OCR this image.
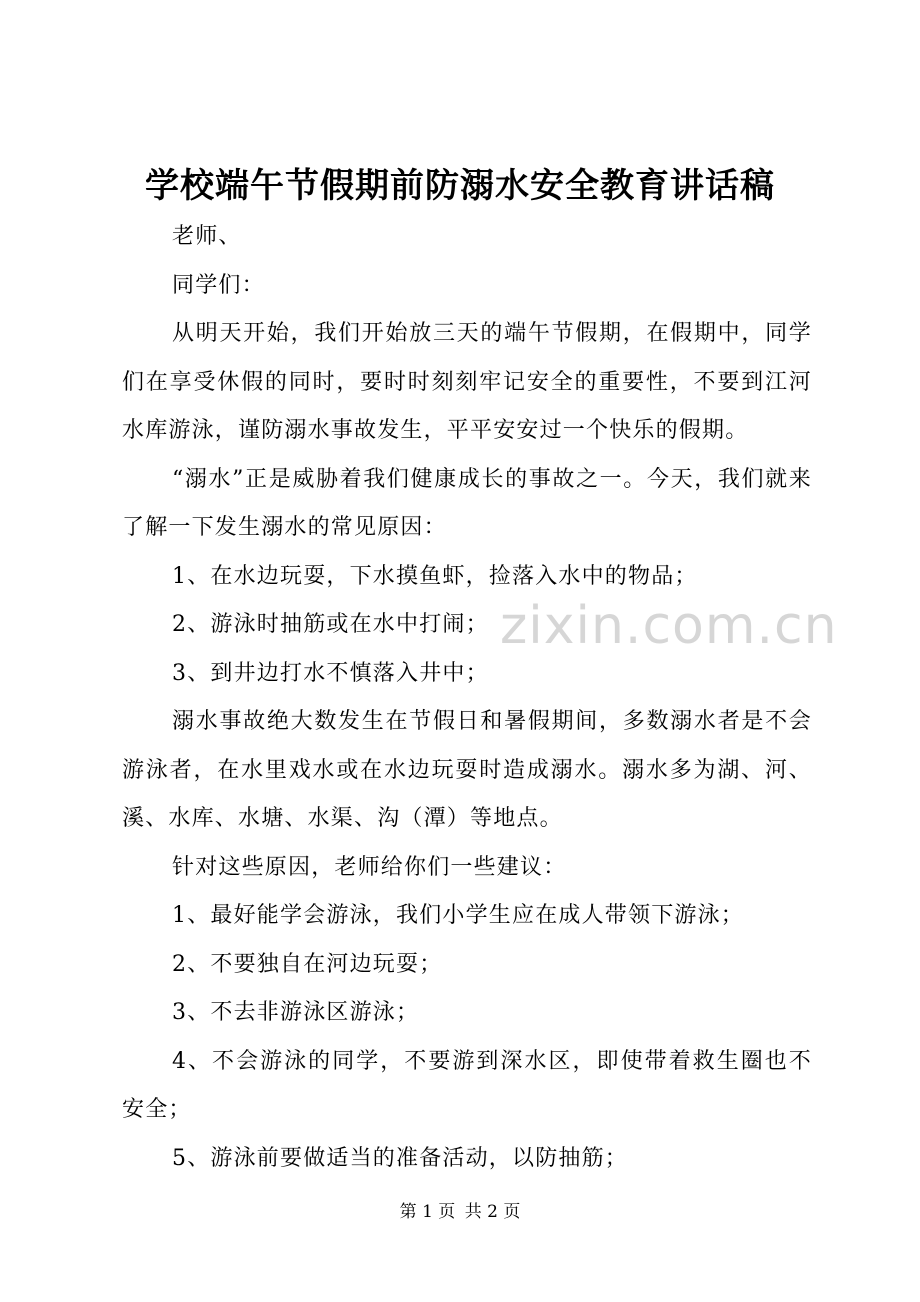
学校端午节假期前防溺水安全教育讲话稿

老师、

同学们：

从明天开始，我们开始放三天的端午节假期，在假期中，同学们在享受休假的同时，要时时刻刻牢记安全的重要性，不要到江河水库游泳，谨防溺水事故发生，平平安安过一个快乐的假期。

“溺水”正是威胁着我们健康成长的事故之一。今天，我们就来了解一下发生溺水的常见原因：

1、在水边玩耍，下水摸鱼虾，捡落入水中的物品；

2、游泳时抽筋或在水中打闹；

3、到井边打水不慎落入井中；

溺水事故绝大数发生在节假日和暑假期间，多数溺水者是不会游泳者，在水里戏水或在水边玩耍时造成溺水。溺水多为湖、河、溪、水库、水塘、水渠、沟（潭）等地点。

针对这些原因，老师给你们一些建议：

1、最好能学会游泳，我们小学生应在成人带领下游泳；

2、不要独自在河边玩耍；

3、不去非游泳区游泳；

4、不会游泳的同学，不要游到深水区，即使带着救生圈也不安全；

5、游泳前要做适当的准备活动，以防抽筋；

zixin.com.cn
第 1 页 共 2 页
